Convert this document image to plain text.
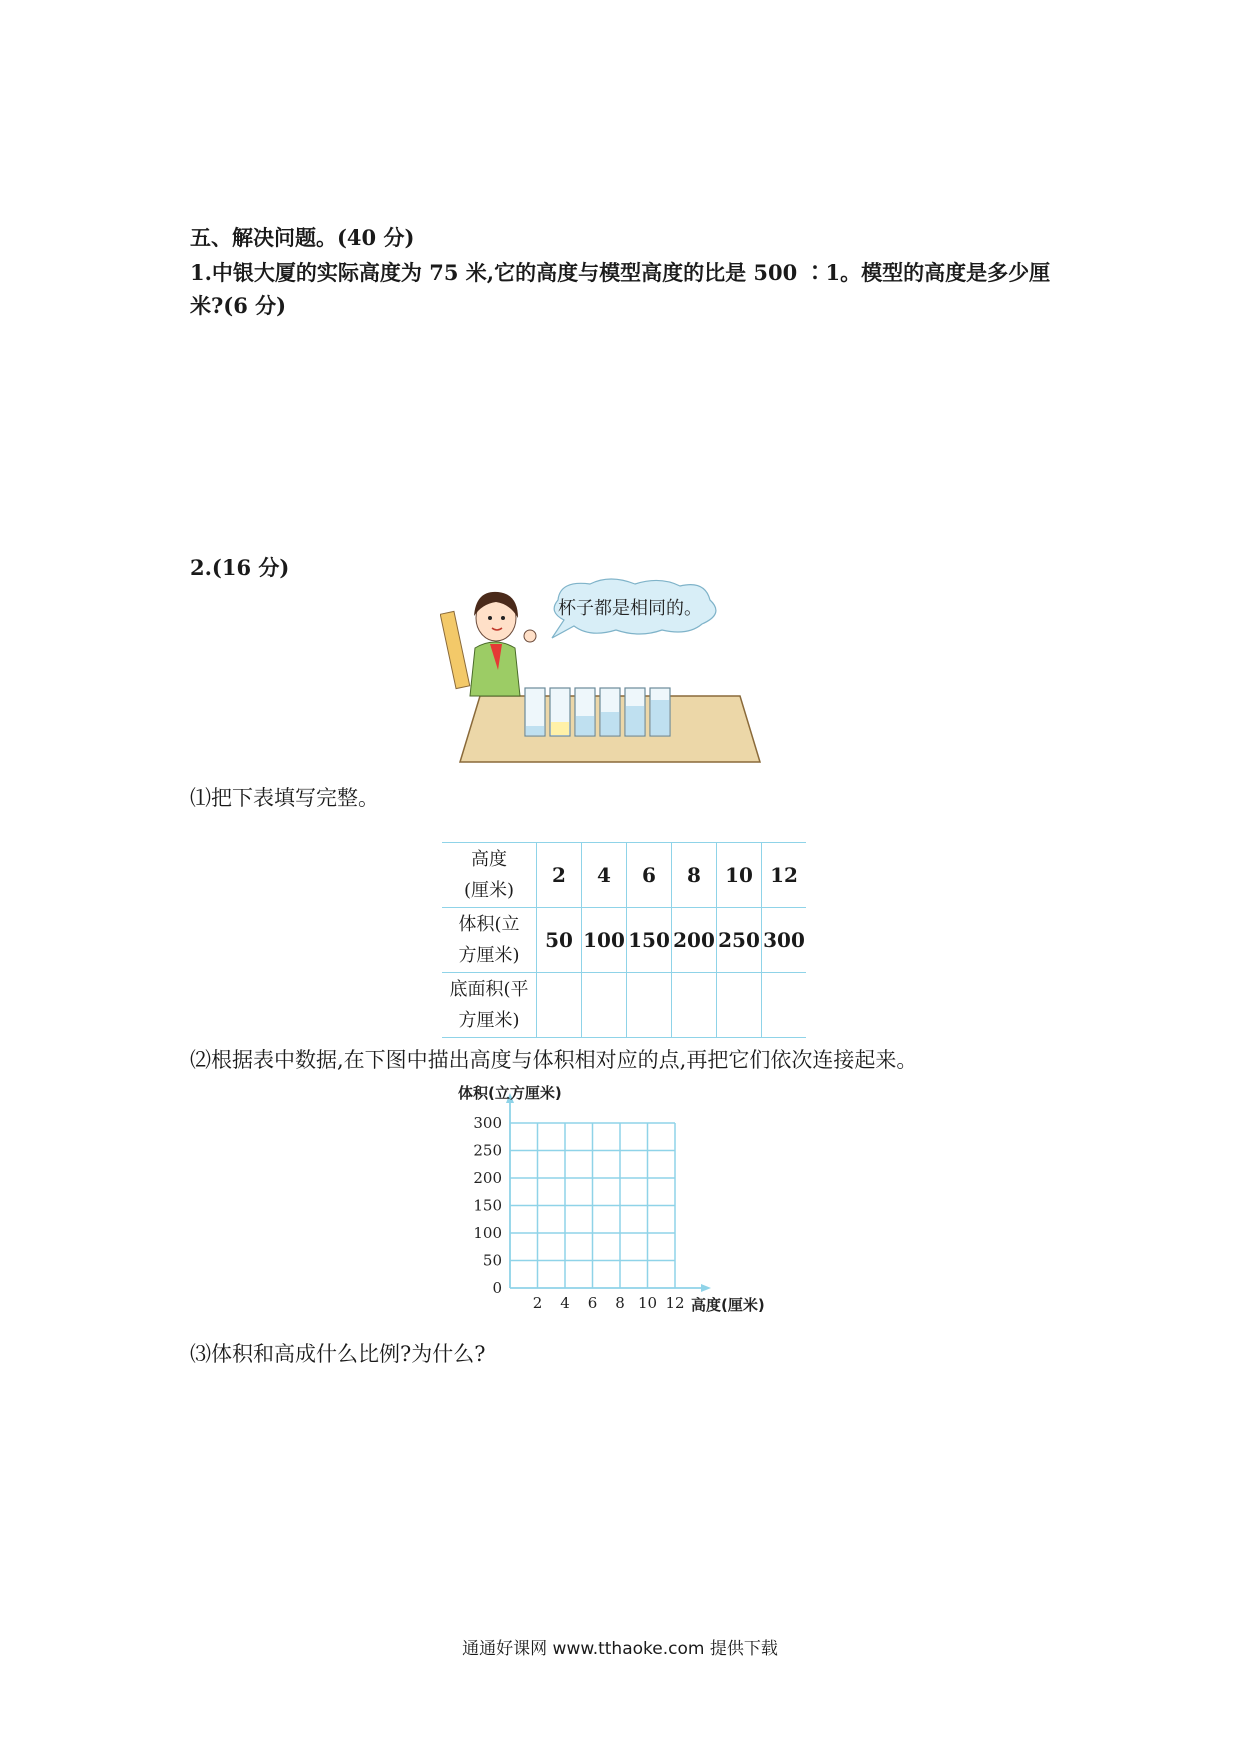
五、解决问题。(40 分)
1.中银大厦的实际高度为 75 米,它的高度与模型高度的比是 500 ∶1。模型的高度是多少厘米?(6 分)
2.(16 分)
杯子都是相同的。
⑴把下表填写完整。
高度
(厘米)	2	4	6	8	10	12
体积(立
方厘米)	50	100	150	200	250	300
底面积(平
方厘米)						
⑵根据表中数据,在下图中描出高度与体积相对应的点,再把它们依次连接起来。
2 4 6 8 10 12
0
50
100
150
200
250
300
体积(立方厘米)
高度(厘米)
⑶体积和高成什么比例?为什么?
通通好课网 www.tthaoke.com 提供下载
